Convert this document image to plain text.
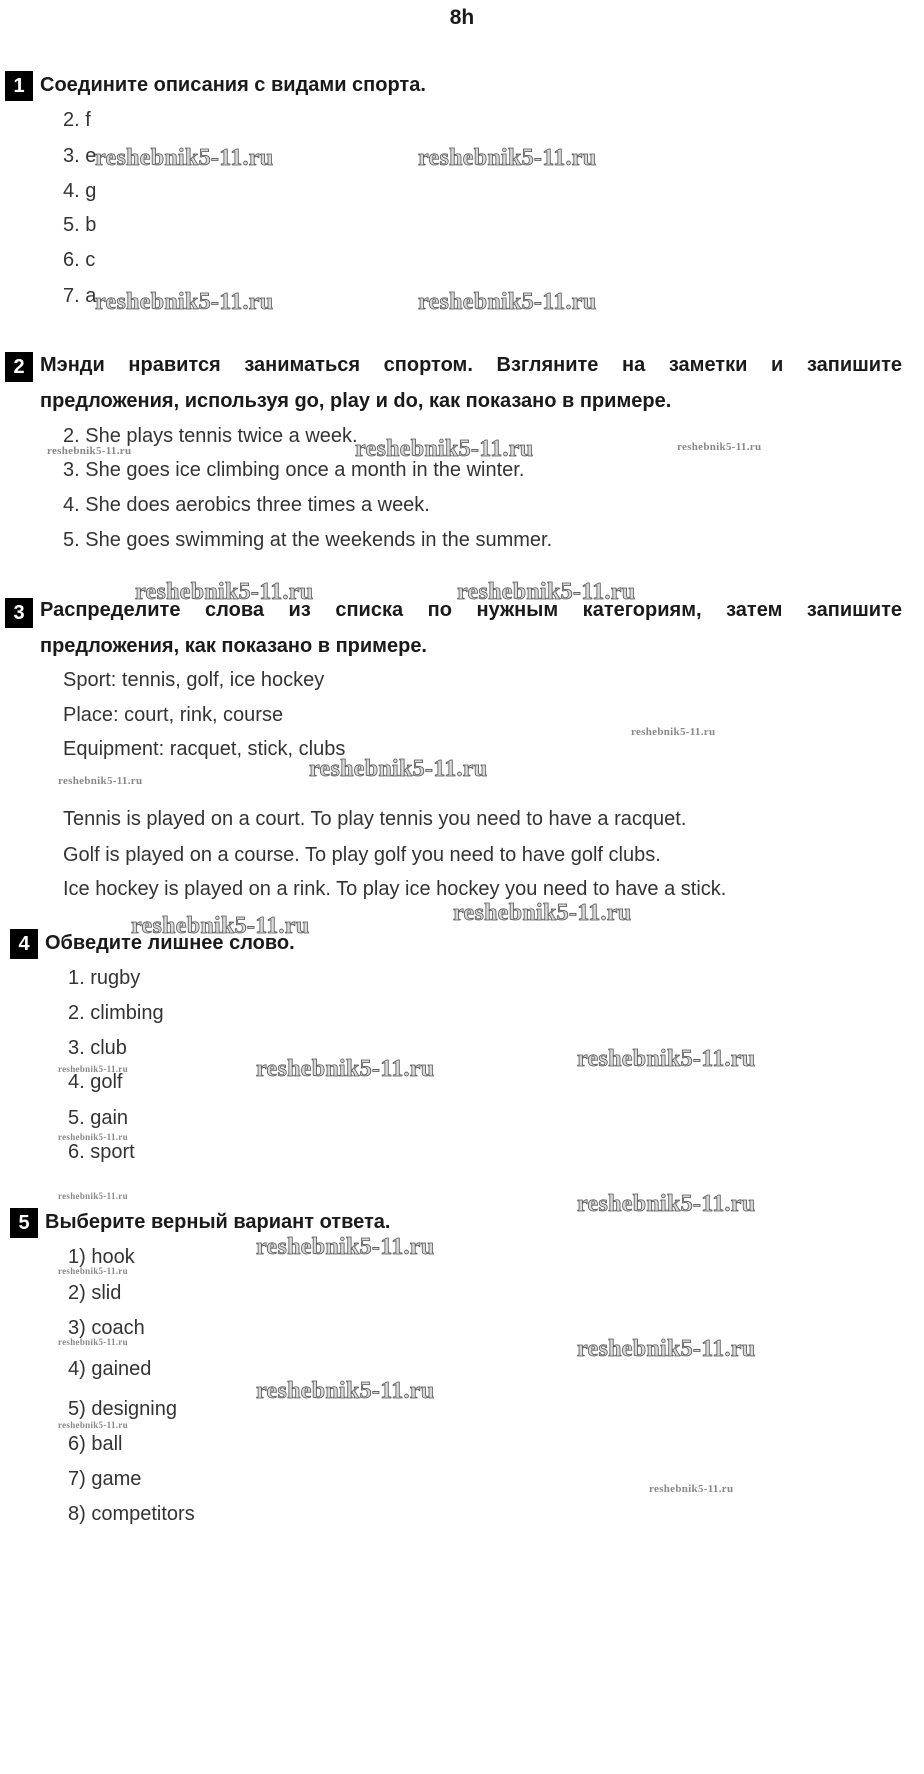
8h
1 Соедините описания с видами спорта.
2. f
3. e
4. g
5. b
6. c
7. a
2 Мэнди нравится заниматься спортом. Взгляните на заметки и запишите
предложения, используя go, play и do, как показано в примере.
2. She plays tennis twice a week.
3. She goes ice climbing once a month in the winter.
4. She does aerobics three times a week.
5. She goes swimming at the weekends in the summer.
3 Распределите слова из списка по нужным категориям, затем запишите
предложения, как показано в примере.
Sport: tennis, golf, ice hockey
Place: court, rink, course
Equipment: racquet, stick, clubs
Tennis is played on a court. To play tennis you need to have a racquet.
Golf is played on a course. To play golf you need to have golf clubs.
Ice hockey is played on a rink. To play ice hockey you need to have a stick.
4 Обведите лишнее слово.
1. rugby
2. climbing
3. club
4. golf
5. gain
6. sport
5 Выберите верный вариант ответа.
1) hook
2) slid
3) coach
4) gained
5) designing
6) ball
7) game
8) competitors
reshebnik5-11.ru	reshebnik5-11.ru
reshebnik5-11.ru	reshebnik5-11.ru
reshebnik5-11.ru
reshebnik5-11.ru	reshebnik5-11.ru
reshebnik5-11.ru	reshebnik5-11.ru
reshebnik5-11.ru
reshebnik5-11.ru
reshebnik5-11.ru
reshebnik5-11.ru
reshebnik5-11.ru
reshebnik5-11.ru
reshebnik5-11.ru
reshebnik5-11.ru
reshebnik5-11.ru
reshebnik5-11.ru	reshebnik5-11.ru
reshebnik5-11.ru
reshebnik5-11.ru
reshebnik5-11.ru	reshebnik5-11.ru
reshebnik5-11.ru
reshebnik5-11.ru
reshebnik5-11.ru
